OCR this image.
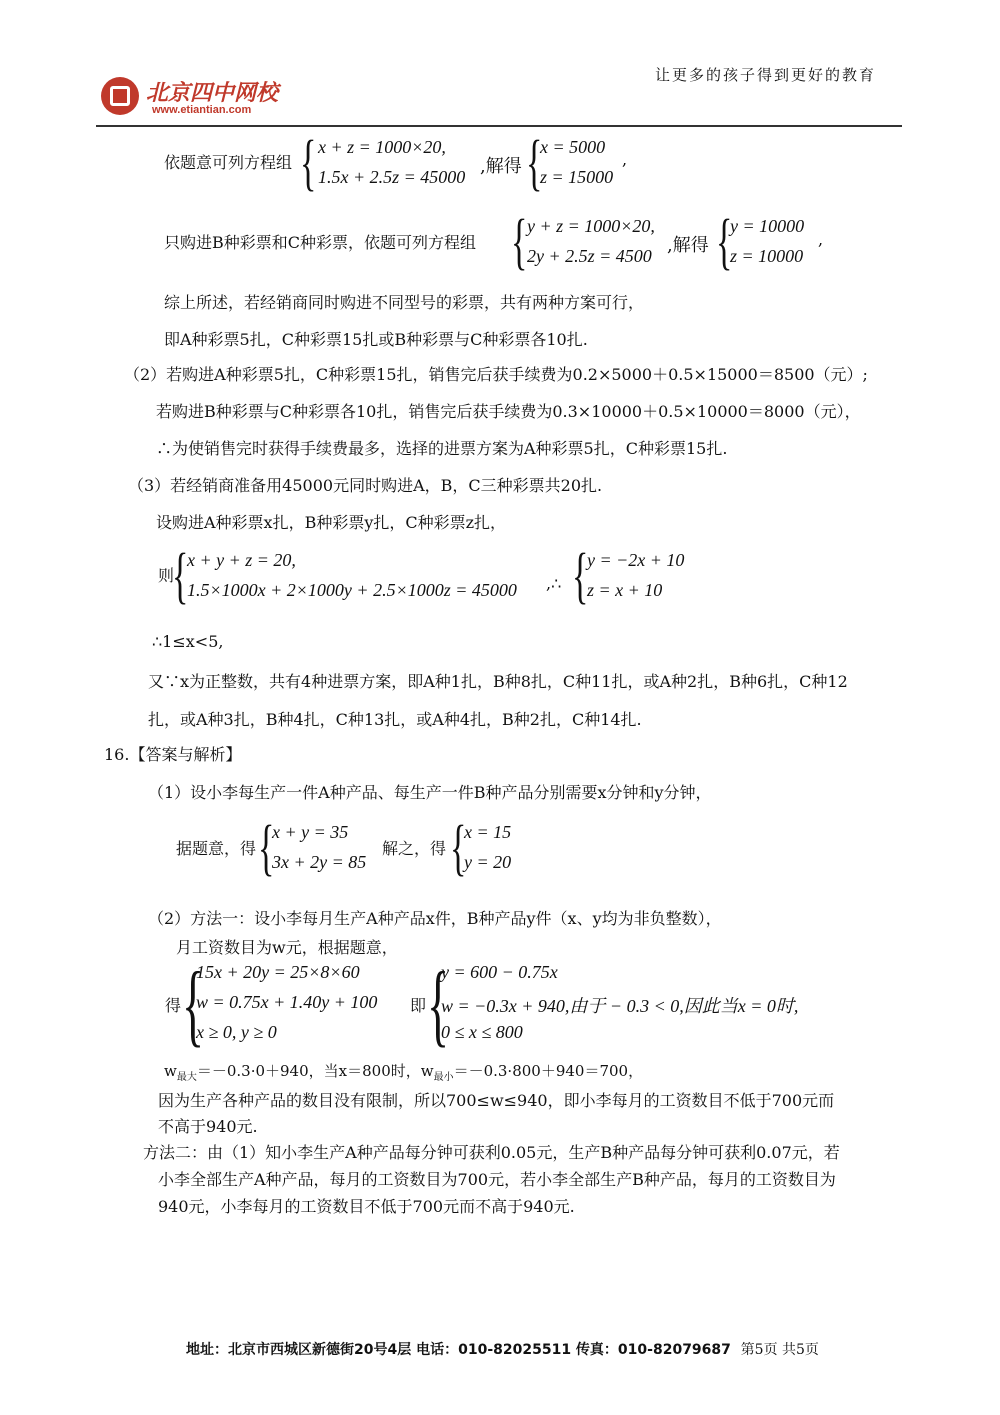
北京四中网校
www.etiantian.com
让更多的孩子得到更好的教育
依题意可列方程组 { x + z = 1000×20,
1.5x + 2.5z = 45000 ,解得 {
x = 5000
z = 15000
,
只购进B种彩票和C种彩票，依题可列方程组 { y + z = 1000×20,
2y + 2.5z = 4500 ,解得 {
y = 10000
z = 10000
,
综上所述，若经销商同时购进不同型号的彩票，共有两种方案可行，
即A种彩票5扎，C种彩票15扎或B种彩票与C种彩票各10扎.
（2）若购进A种彩票5扎，C种彩票15扎，销售完后获手续费为0.2×5000＋0.5×15000＝8500（元）;
若购进B种彩票与C种彩票各10扎，销售完后获手续费为0.3×10000＋0.5×10000＝8000（元），
∴为使销售完时获得手续费最多，选择的进票方案为A种彩票5扎，C种彩票15扎.
（3）若经销商准备用45000元同时购进A，B，C三种彩票共20扎.
设购进A种彩票x扎，B种彩票y扎，C种彩票z扎，
则
{
x + y + z = 20,
1.5×1000x + 2×1000y + 2.5×1000z = 45000 ,∴ {
y = −2x + 10
z = x + 10
∴1≤x<5,
又∵x为正整数，共有4种进票方案，即A种1扎，B种8扎，C种11扎，或A种2扎，B种6扎，C种12
扎，或A种3扎，B种4扎，C种13扎，或A种4扎，B种2扎，C种14扎.
16.【答案与解析】
（1）设小李每生产一件A种产品、每生产一件B种产品分别需要x分钟和y分钟，
据题意，得 {
x + y = 35
3x + 2y = 85
解之，得 {
x = 15
y = 20
（2）方法一：设小李每月生产A种产品x件，B种产品y件（x、y均为非负整数），
月工资数目为w元，根据题意，
得 {
15x + 20y = 25×8×60
w = 0.75x + 1.40y + 100
x ≥ 0, y ≥ 0
即 {
y = 600 − 0.75x
w = −0.3x + 940,由于 − 0.3 < 0,因此当x = 0时,
0 ≤ x ≤ 800
$w_{最大}=-0.3\cdot 0+940$，当x＝800时，$w_{最小}=-0.3\cdot 800+940=700$，
因为生产各种产品的数目没有限制，所以700≤w≤940，即小李每月的工资数目不低于700元而
不高于940元.
方法二：由（1）知小李生产A种产品每分钟可获利0.05元，生产B种产品每分钟可获利0.07元，若
小李全部生产A种产品，每月的工资数目为700元，若小李全部生产B种产品，每月的工资数目为
940元，小李每月的工资数目不低于700元而不高于940元.
地址：北京市西城区新德街20号4层 电话：010-82025511 传真：010-82079687 第5页 共5页
